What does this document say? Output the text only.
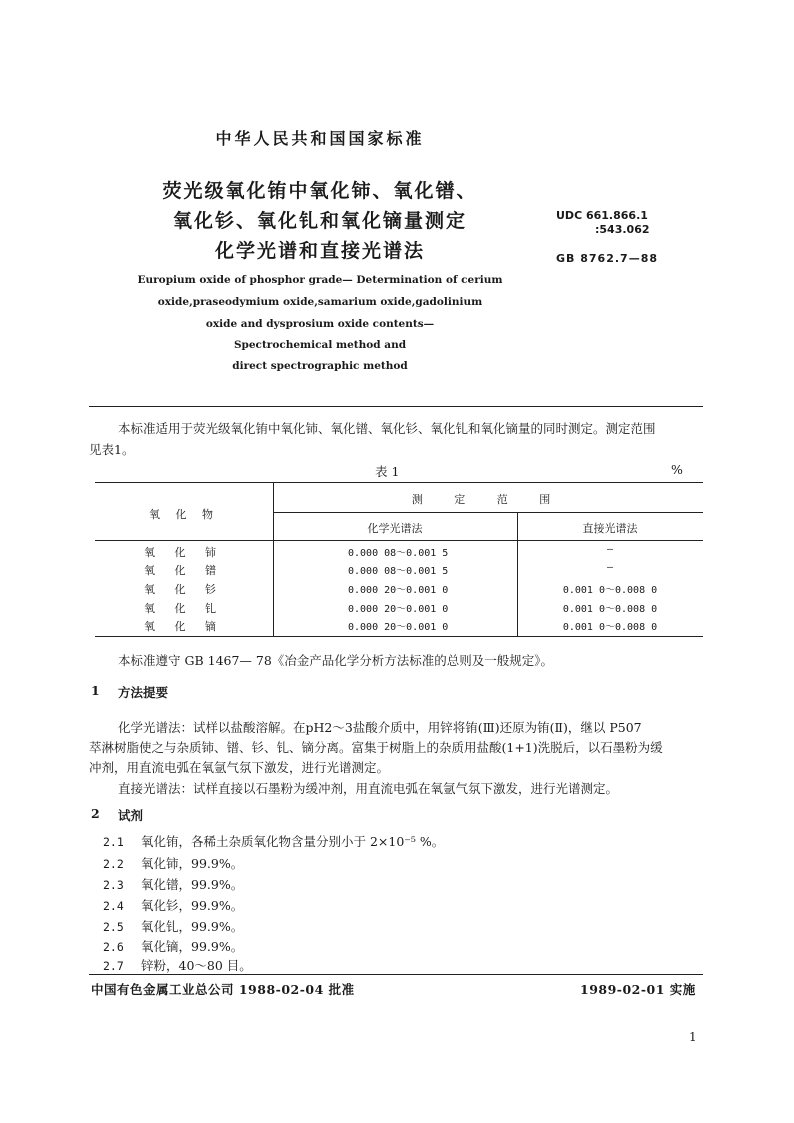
中华人民共和国国家标准
荧光级氧化铕中氧化铈、氧化镨、
氧化钐、氧化钆和氧化镝量测定
化学光谱和直接光谱法
UDC 661.866.1
:543.062
GB 8762.7—88
Europium oxide of phosphor grade— Determination of cerium
oxide,praseodymium oxide,samarium oxide,gadolinium
oxide and dysprosium oxide contents—
Spectrochemical method and
direct spectrographic method
本标准适用于荧光级氧化铕中氧化铈、氧化镨、氧化钐、氧化钆和氧化镝量的同时测定。测定范围
见表1。
表 1	%
氧 化 物
测 定 范 围
化学光谱法	直接光谱法
氧 化 铈	0.000 08～0.001 5	—
氧 化 镨	0.000 08～0.001 5	—
氧 化 钐	0.000 20～0.001 0	0.001 0～0.008 0
氧 化 钆	0.000 20～0.001 0	0.001 0～0.008 0
氧 化 镝	0.000 20～0.001 0	0.001 0～0.008 0
本标准遵守 GB 1467— 78《冶金产品化学分析方法标准的总则及一般规定》。
1 方法提要
化学光谱法：试样以盐酸溶解。在pH2～3盐酸介质中，用锌将铕(Ⅲ)还原为铕(Ⅱ)，继以 P507
萃淋树脂使之与杂质铈、镨、钐、钆、镝分离。富集于树脂上的杂质用盐酸(1+1)洗脱后，以石墨粉为缓
冲剂，用直流电弧在氧氩气氛下激发，进行光谱测定。
直接光谱法：试样直接以石墨粉为缓冲剂，用直流电弧在氧氩气氛下激发，进行光谱测定。
2 试剂
2.1 氧化铕，各稀土杂质氧化物含量分别小于 2×10⁻⁵ %。
2.2 氧化铈，99.9%。
2.3 氧化镨，99.9%。
2.4 氧化钐，99.9%。
2.5 氧化钆，99.9%。
2.6 氧化镝，99.9%。
2.7 锌粉，40～80 目。
中国有色金属工业总公司 1988-02-04 批准	1989-02-01 实施
1
